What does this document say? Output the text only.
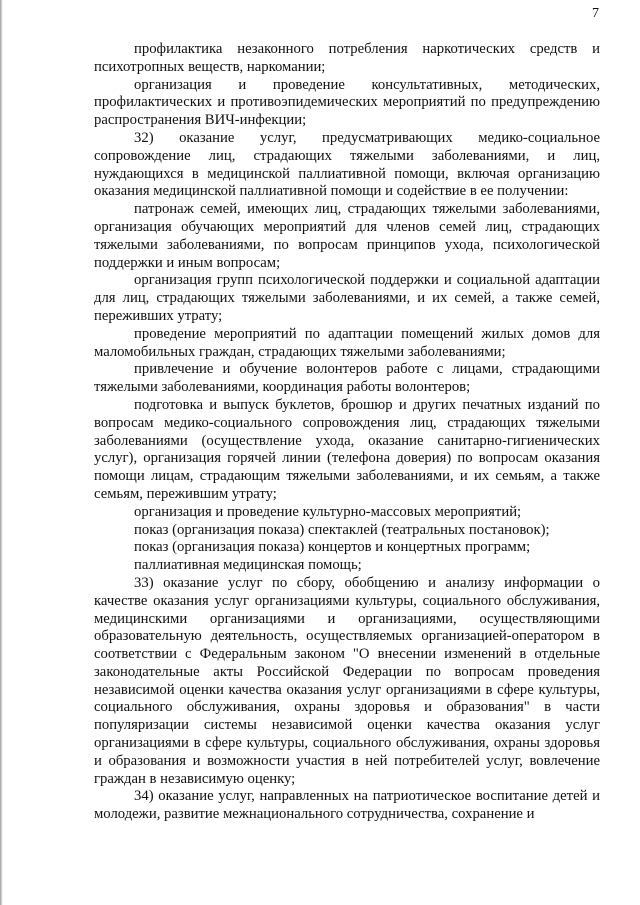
7

профилактика незаконного потребления наркотических средств и психотропных веществ, наркомании;

организация и проведение консультативных, методических, профилактических и противоэпидемических мероприятий по предупреждению распространения ВИЧ-инфекции;

32) оказание услуг, предусматривающих медико-социальное сопровождение лиц, страдающих тяжелыми заболеваниями, и лиц, нуждающихся в медицинской паллиативной помощи, включая организацию оказания медицинской паллиативной помощи и содействие в ее получении:

патронаж семей, имеющих лиц, страдающих тяжелыми заболеваниями, организация обучающих мероприятий для членов семей лиц, страдающих тяжелыми заболеваниями, по вопросам принципов ухода, психологической поддержки и иным вопросам;

организация групп психологической поддержки и социальной адаптации для лиц, страдающих тяжелыми заболеваниями, и их семей, а также семей, переживших утрату;

проведение мероприятий по адаптации помещений жилых домов для маломобильных граждан, страдающих тяжелыми заболеваниями;

привлечение и обучение волонтеров работе с лицами, страдающими тяжелыми заболеваниями, координация работы волонтеров;

подготовка и выпуск буклетов, брошюр и других печатных изданий по вопросам медико-социального сопровождения лиц, страдающих тяжелыми заболеваниями (осуществление ухода, оказание санитарно-гигиенических услуг), организация горячей линии (телефона доверия) по вопросам оказания помощи лицам, страдающим тяжелыми заболеваниями, и их семьям, а также семьям, пережившим утрату;

организация и проведение культурно-массовых мероприятий;

показ (организация показа) спектаклей (театральных постановок);

показ (организация показа) концертов и концертных программ;

паллиативная медицинская помощь;

33) оказание услуг по сбору, обобщению и анализу информации о качестве оказания услуг организациями культуры, социального обслуживания, медицинскими организациями и организациями, осуществляющими образовательную деятельность, осуществляемых организацией-оператором в соответствии с Федеральным законом "О внесении изменений в отдельные законодательные акты Российской Федерации по вопросам проведения независимой оценки качества оказания услуг организациями в сфере культуры, социального обслуживания, охраны здоровья и образования" в части популяризации системы независимой оценки качества оказания услуг организациями в сфере культуры, социального обслуживания, охраны здоровья и образования и возможности участия в ней потребителей услуг, вовлечение граждан в независимую оценку;

34) оказание услуг, направленных на патриотическое воспитание детей и молодежи, развитие межнационального сотрудничества, сохранение и
